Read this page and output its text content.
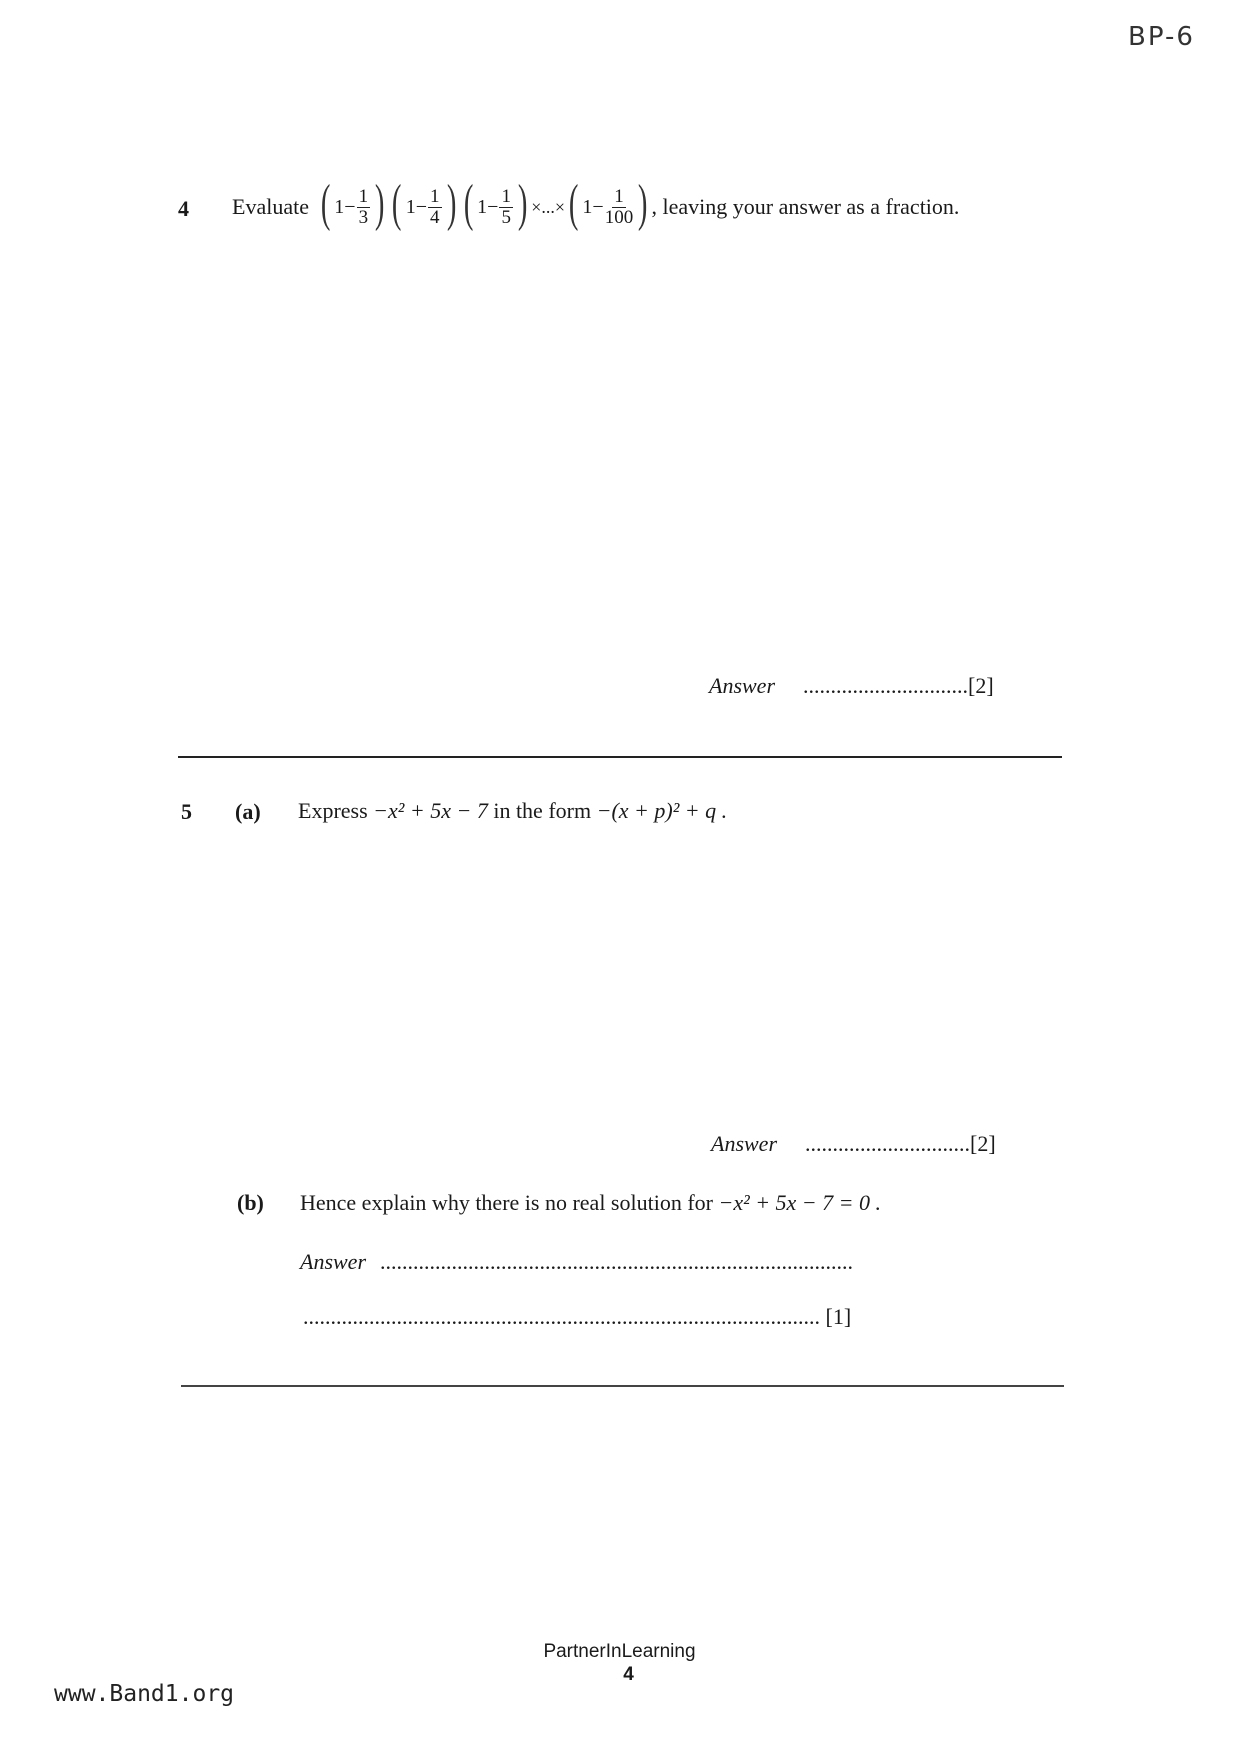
BP-6
4 Evaluate ( $1 - \frac{1}{3}$ ) ( $1 - \frac{1}{4}$ ) ( $1 - \frac{1}{5}$ ) ×...× ( $1 - \frac{1}{100}$ ) , leaving your answer as a fraction.
Answer ..............................[2]
5 (a) Express −x² + 5x − 7 in the form −(x + p)² + q .
Answer ..............................[2]
(b) Hence explain why there is no real solution for −x² + 5x − 7 = 0 .
Answer ......................................................................................
.............................................................................................. [1]
PartnerInLearning
4
www.Band1.org
